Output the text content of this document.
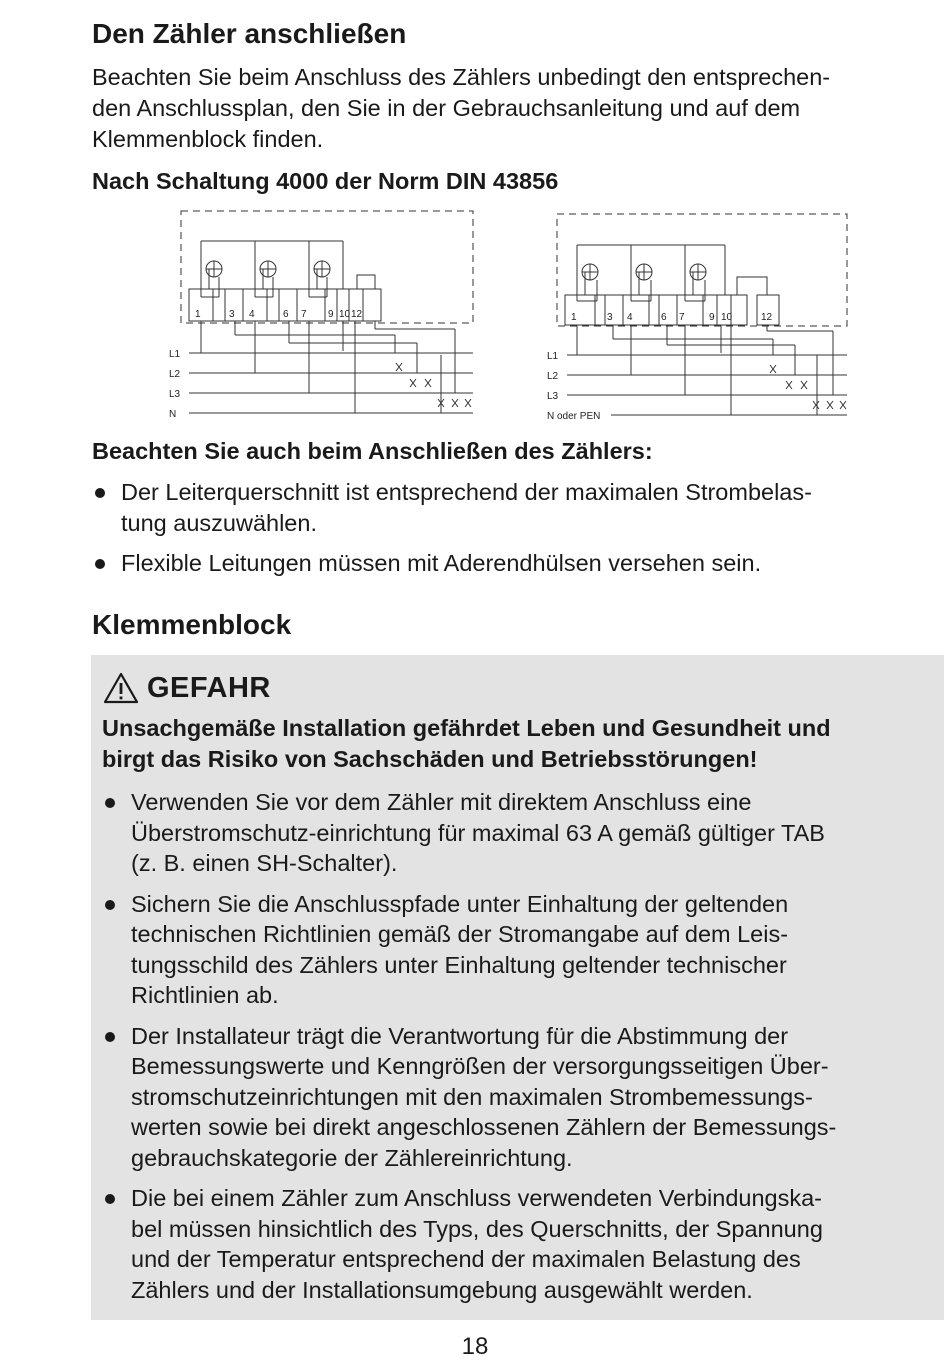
Den Zähler anschließen

Beachten Sie beim Anschluss des Zählers unbedingt den entsprechen-
den Anschlussplan, den Sie in der Gebrauchsanleitung und auf dem
Klemmenblock finden.

Nach Schaltung 4000 der Norm DIN 43856
1	3 4	6 7 9 10 12
L1
L2
L3
N
1	3 4	6 7 9 10	12
L1
L2
L3
N oder PEN
Beachten Sie auch beim Anschließen des Zählers:
Der Leiterquerschnitt ist entsprechend der maximalen Strombelas-
tung auszuwählen.
Flexible Leitungen müssen mit Aderendhülsen versehen sein.
Klemmenblock
GEFAHR

Unsachgemäße Installation gefährdet Leben und Gesundheit und
birgt das Risiko von Sachschäden und Betriebsstörungen!

Verwenden Sie vor dem Zähler mit direktem Anschluss eine
Überstromschutz-einrichtung für maximal 63 A gemäß gültiger TAB
(z. B. einen SH-Schalter).
Sichern Sie die Anschlusspfade unter Einhaltung der geltenden
technischen Richtlinien gemäß der Stromangabe auf dem Leis-
tungsschild des Zählers unter Einhaltung geltender technischer
Richtlinien ab.
Der Installateur trägt die Verantwortung für die Abstimmung der
Bemessungswerte und Kenngrößen der versorgungsseitigen Über-
stromschutzeinrichtungen mit den maximalen Strombemessungs-
werten sowie bei direkt angeschlossenen Zählern der Bemessungs-
gebrauchskategorie der Zählereinrichtung.
Die bei einem Zähler zum Anschluss verwendeten Verbindungska-
bel müssen hinsichtlich des Typs, des Querschnitts, der Spannung
und der Temperatur entsprechend der maximalen Belastung des
Zählers und der Installationsumgebung ausgewählt werden.
18
